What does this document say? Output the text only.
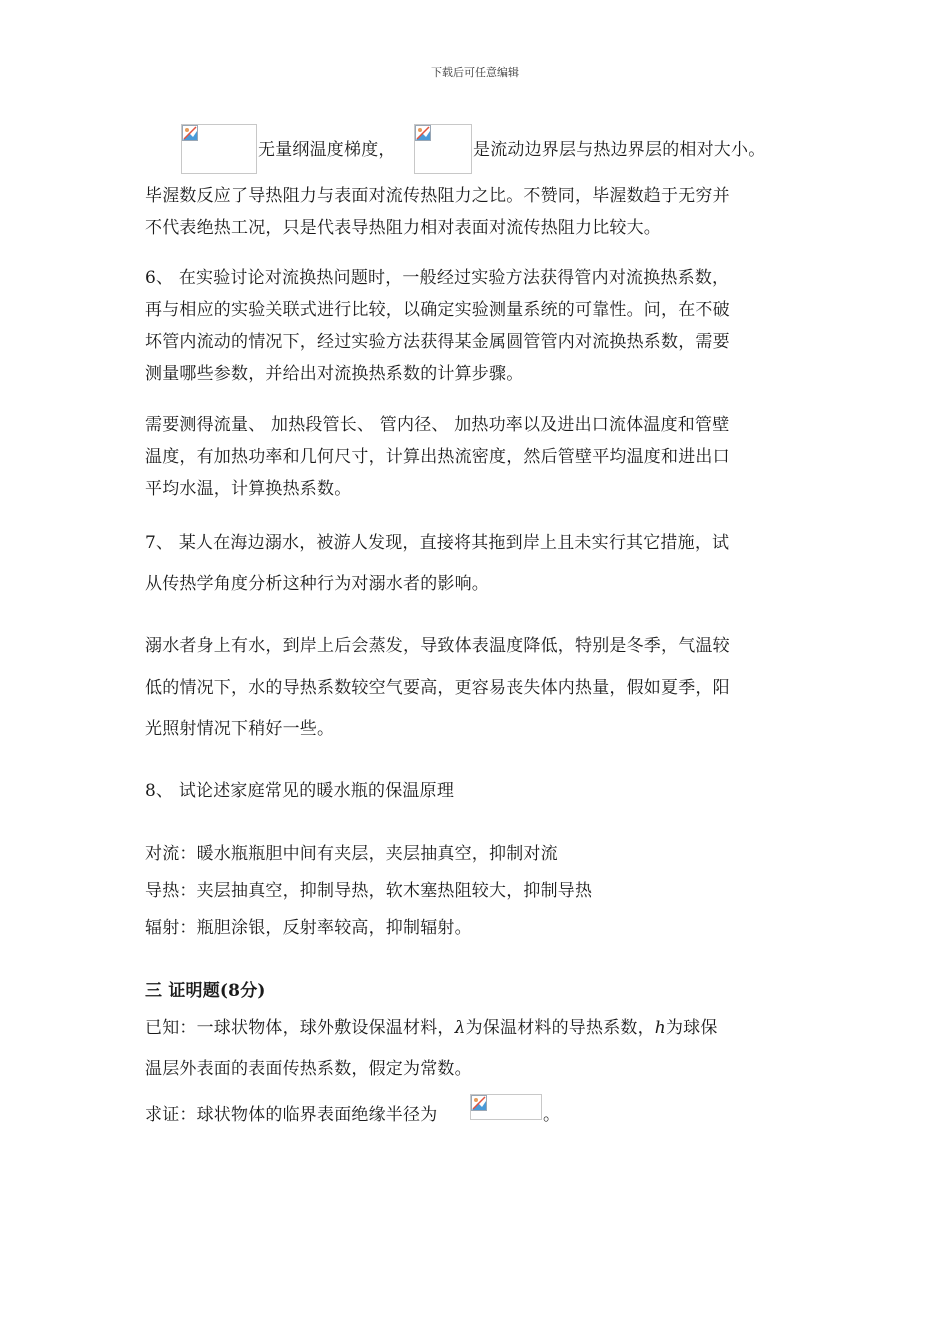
下载后可任意编辑
无量纲温度梯度，	是流动边界层与热边界层的相对大小。
毕渥数反应了导热阻力与表面对流传热阻力之比。不赞同，毕渥数趋于无穷并
不代表绝热工况，只是代表导热阻力相对表面对流传热阻力比较大。
6、 在实验讨论对流换热问题时，一般经过实验方法获得管内对流换热系数，
再与相应的实验关联式进行比较，以确定实验测量系统的可靠性。问，在不破
坏管内流动的情况下，经过实验方法获得某金属圆管管内对流换热系数，需要
测量哪些参数，并给出对流换热系数的计算步骤。
需要测得流量、 加热段管长、 管内径、 加热功率以及进出口流体温度和管壁
温度，有加热功率和几何尺寸，计算出热流密度，然后管壁平均温度和进出口
平均水温，计算换热系数。
7、 某人在海边溺水，被游人发现，直接将其拖到岸上且未实行其它措施，试
从传热学角度分析这种行为对溺水者的影响。
溺水者身上有水，到岸上后会蒸发，导致体表温度降低，特别是冬季，气温较
低的情况下，水的导热系数较空气要高，更容易丧失体内热量，假如夏季，阳
光照射情况下稍好一些。
8、 试论述家庭常见的暖水瓶的保温原理
对流：暖水瓶瓶胆中间有夹层，夹层抽真空，抑制对流
导热：夹层抽真空，抑制导热，软木塞热阻较大，抑制导热
辐射：瓶胆涂银，反射率较高，抑制辐射。
三 证明题(8分)
已知：一球状物体，球外敷设保温材料，λ为保温材料的导热系数，h为球保
温层外表面的表面传热系数，假定为常数。
求证：球状物体的临界表面绝缘半径为	。
